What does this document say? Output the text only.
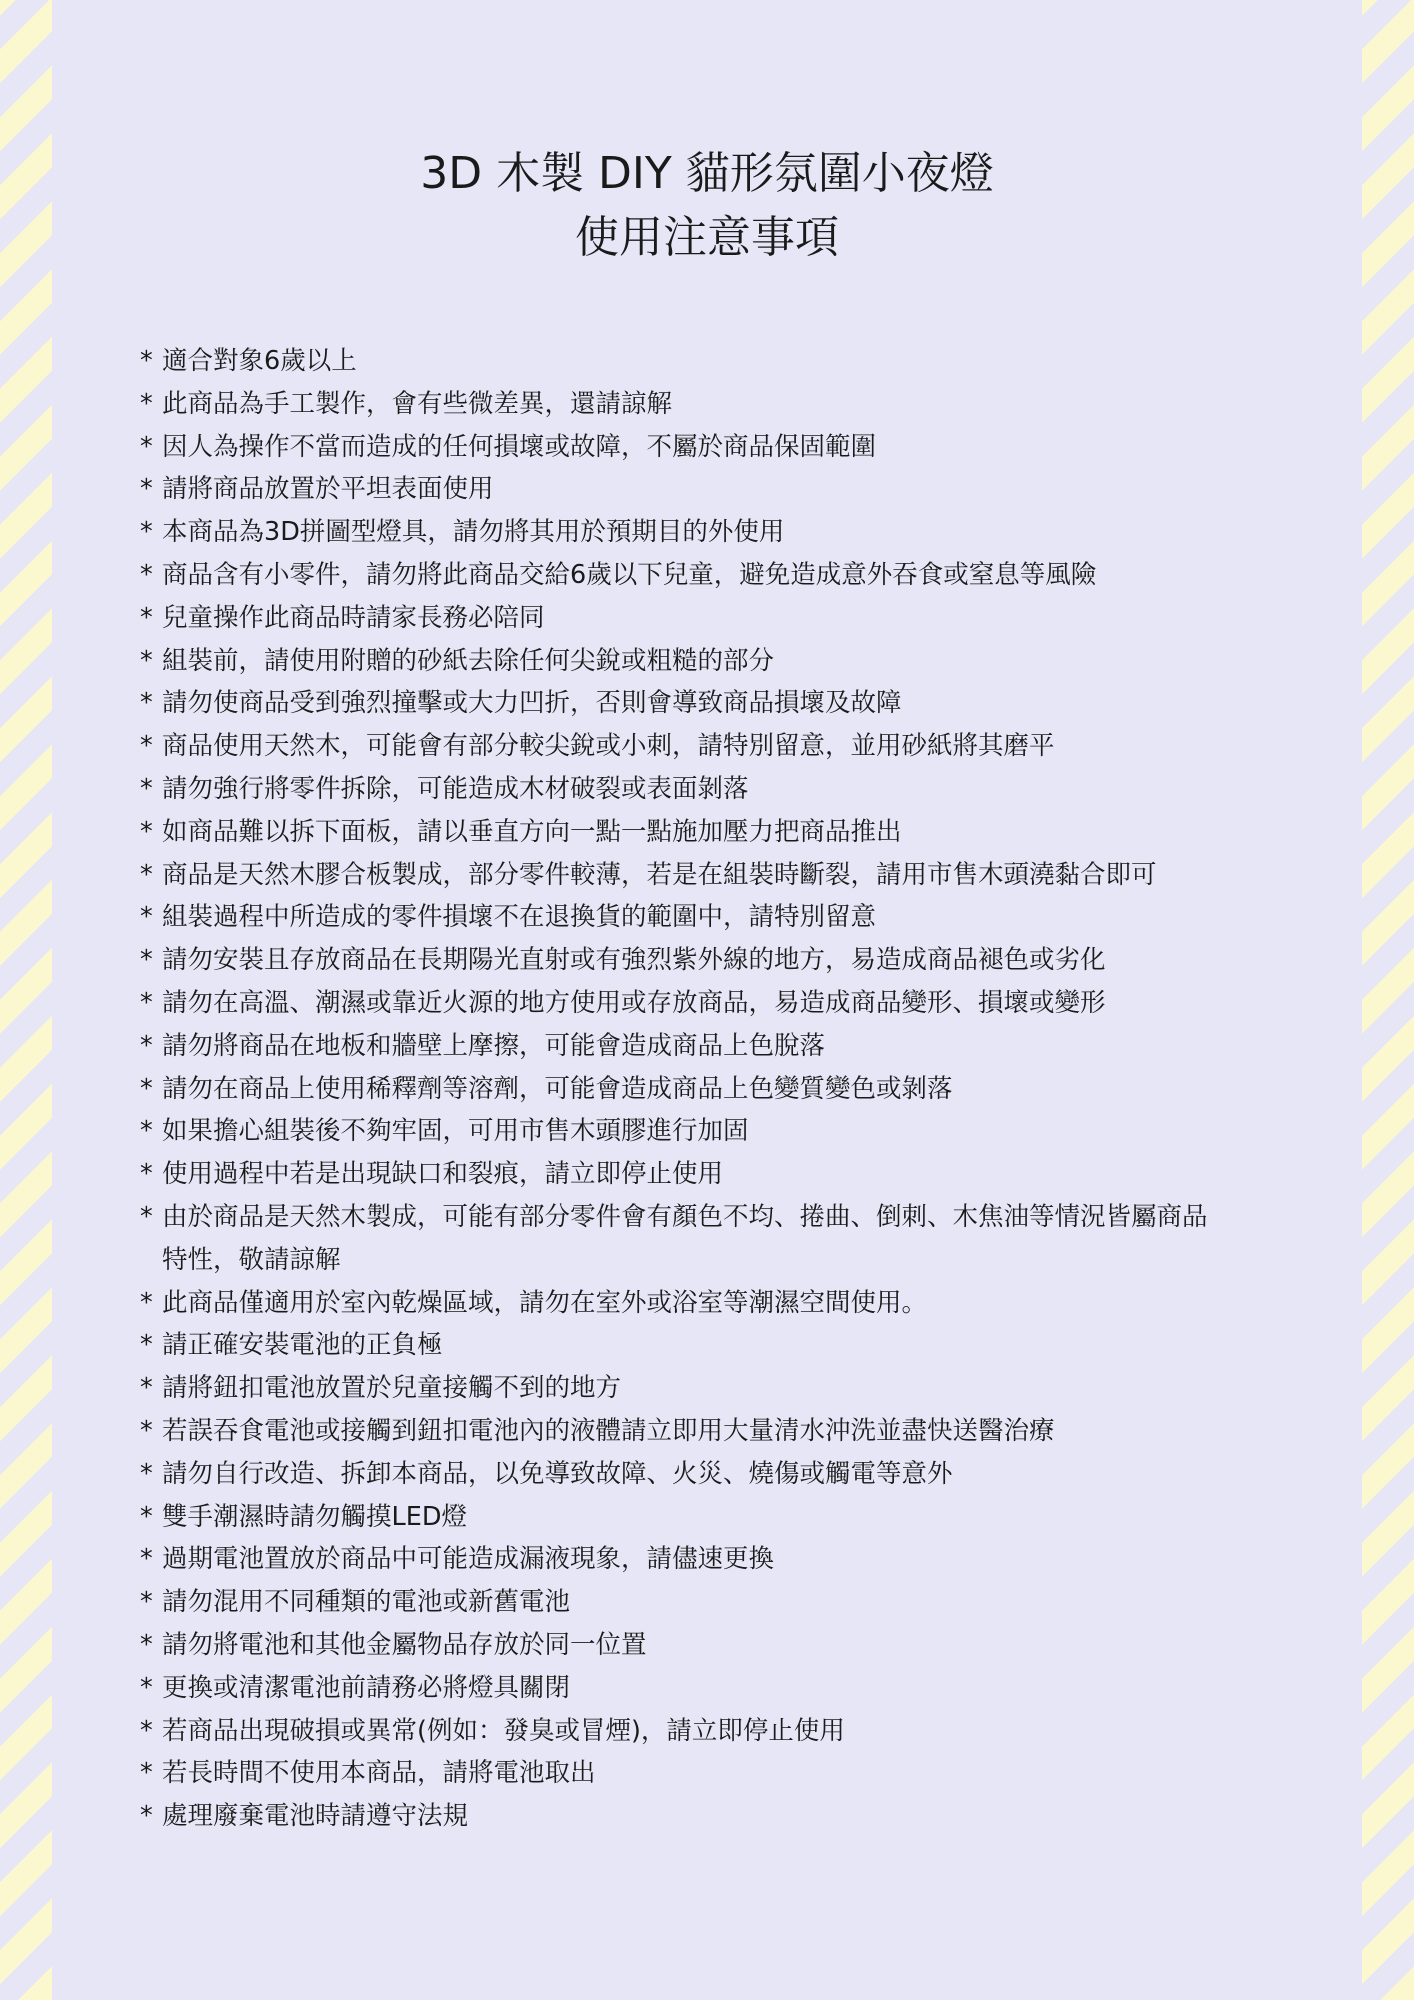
3D 木製 DIY 貓形氛圍小夜燈
使用注意事項
* 適合對象6歲以上
* 此商品為手工製作，會有些微差異，還請諒解
* 因人為操作不當而造成的任何損壞或故障，不屬於商品保固範圍
* 請將商品放置於平坦表面使用
* 本商品為3D拼圖型燈具，請勿將其用於預期目的外使用
* 商品含有小零件，請勿將此商品交給6歲以下兒童，避免造成意外吞食或窒息等風險
* 兒童操作此商品時請家長務必陪同
* 組裝前，請使用附贈的砂紙去除任何尖銳或粗糙的部分
* 請勿使商品受到強烈撞擊或大力凹折，否則會導致商品損壞及故障
* 商品使用天然木，可能會有部分較尖銳或小刺，請特別留意，並用砂紙將其磨平
* 請勿強行將零件拆除，可能造成木材破裂或表面剝落
* 如商品難以拆下面板，請以垂直方向一點一點施加壓力把商品推出
* 商品是天然木膠合板製成，部分零件較薄，若是在組裝時斷裂，請用市售木頭澆黏合即可
* 組裝過程中所造成的零件損壞不在退換貨的範圍中，請特別留意
* 請勿安裝且存放商品在長期陽光直射或有強烈紫外線的地方，易造成商品褪色或劣化
* 請勿在高溫、潮濕或靠近火源的地方使用或存放商品，易造成商品變形、損壞或變形
* 請勿將商品在地板和牆壁上摩擦，可能會造成商品上色脫落
* 請勿在商品上使用稀釋劑等溶劑，可能會造成商品上色變質變色或剝落
* 如果擔心組裝後不夠牢固，可用市售木頭膠進行加固
* 使用過程中若是出現缺口和裂痕，請立即停止使用
* 由於商品是天然木製成，可能有部分零件會有顏色不均、捲曲、倒刺、木焦油等情況皆屬商品特性，敬請諒解
* 此商品僅適用於室內乾燥區域，請勿在室外或浴室等潮濕空間使用。
* 請正確安裝電池的正負極
* 請將鈕扣電池放置於兒童接觸不到的地方
* 若誤吞食電池或接觸到鈕扣電池內的液體請立即用大量清水沖洗並盡快送醫治療
* 請勿自行改造、拆卸本商品，以免導致故障、火災、燒傷或觸電等意外
* 雙手潮濕時請勿觸摸LED燈
* 過期電池置放於商品中可能造成漏液現象，請儘速更換
* 請勿混用不同種類的電池或新舊電池
* 請勿將電池和其他金屬物品存放於同一位置
* 更換或清潔電池前請務必將燈具關閉
* 若商品出現破損或異常(例如：發臭或冒煙)，請立即停止使用
* 若長時間不使用本商品，請將電池取出
* 處理廢棄電池時請遵守法規
